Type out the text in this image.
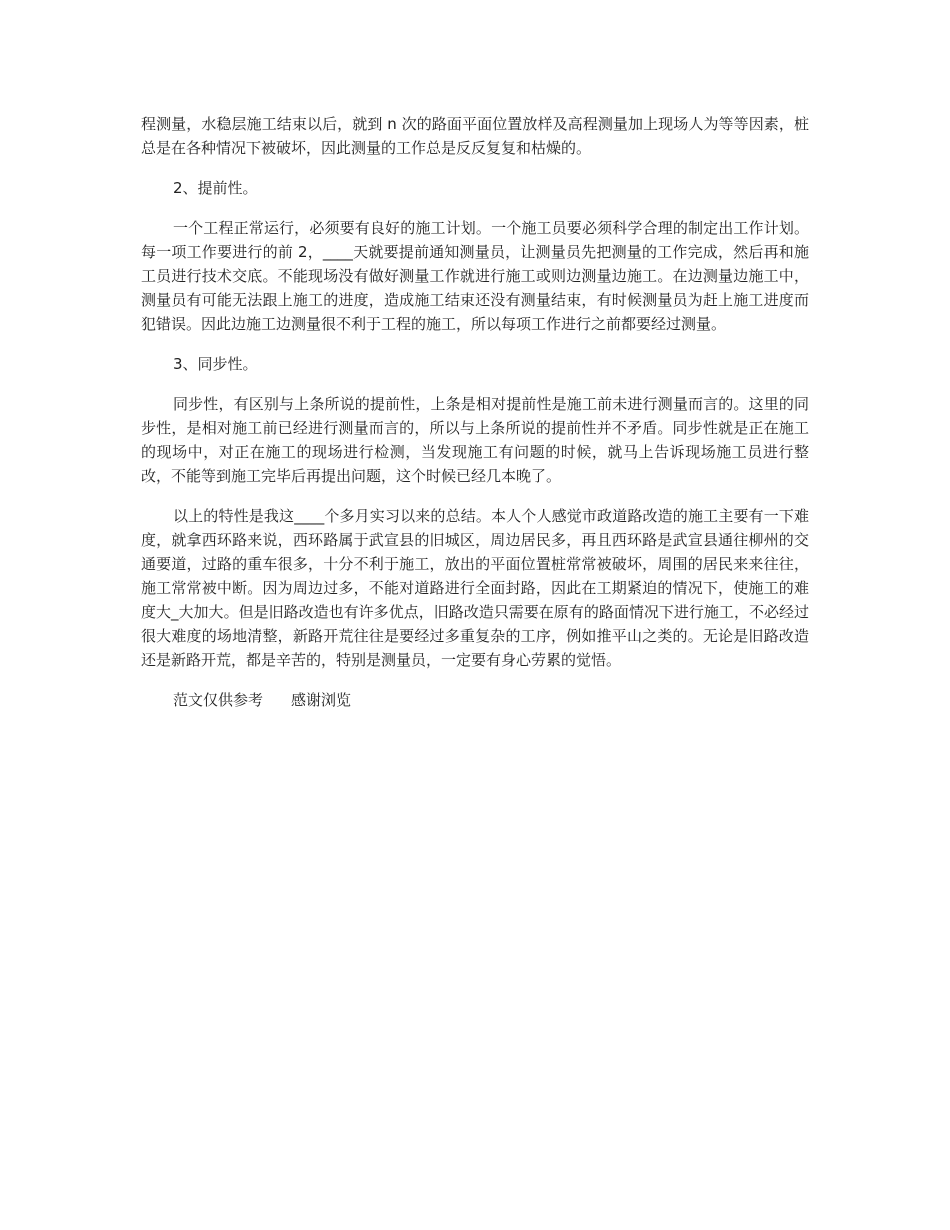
程测量，水稳层施工结束以后，就到 n 次的路面平面位置放样及高程测量加上现场人为等等因素，桩总是在各种情况下被破坏，因此测量的工作总是反反复复和枯燥的。

2、提前性。

一个工程正常运行，必须要有良好的施工计划。一个施工员要必须科学合理的制定出工作计划。每一项工作要进行的前 2，____天就要提前通知测量员，让测量员先把测量的工作完成，然后再和施工员进行技术交底。不能现场没有做好测量工作就进行施工或则边测量边施工。在边测量边施工中，测量员有可能无法跟上施工的进度，造成施工结束还没有测量结束，有时候测量员为赶上施工进度而犯错误。因此边施工边测量很不利于工程的施工，所以每项工作进行之前都要经过测量。

3、同步性。

同步性，有区别与上条所说的提前性，上条是相对提前性是施工前未进行测量而言的。这里的同步性，是相对施工前已经进行测量而言的，所以与上条所说的提前性并不矛盾。同步性就是正在施工的现场中，对正在施工的现场进行检测，当发现施工有问题的时候，就马上告诉现场施工员进行整改，不能等到施工完毕后再提出问题，这个时候已经几本晚了。

以上的特性是我这____个多月实习以来的总结。本人个人感觉市政道路改造的施工主要有一下难度，就拿西环路来说，西环路属于武宣县的旧城区，周边居民多，再且西环路是武宣县通往柳州的交通要道，过路的重车很多，十分不利于施工，放出的平面位置桩常常被破坏，周围的居民来来往往，施工常常被中断。因为周边过多，不能对道路进行全面封路，因此在工期紧迫的情况下，使施工的难度大_大加大。但是旧路改造也有许多优点，旧路改造只需要在原有的路面情况下进行施工，不必经过很大难度的场地清整，新路开荒往往是要经过多重复杂的工序，例如推平山之类的。无论是旧路改造还是新路开荒，都是辛苦的，特别是测量员，一定要有身心劳累的觉悟。

范文仅供参考 感谢浏览
